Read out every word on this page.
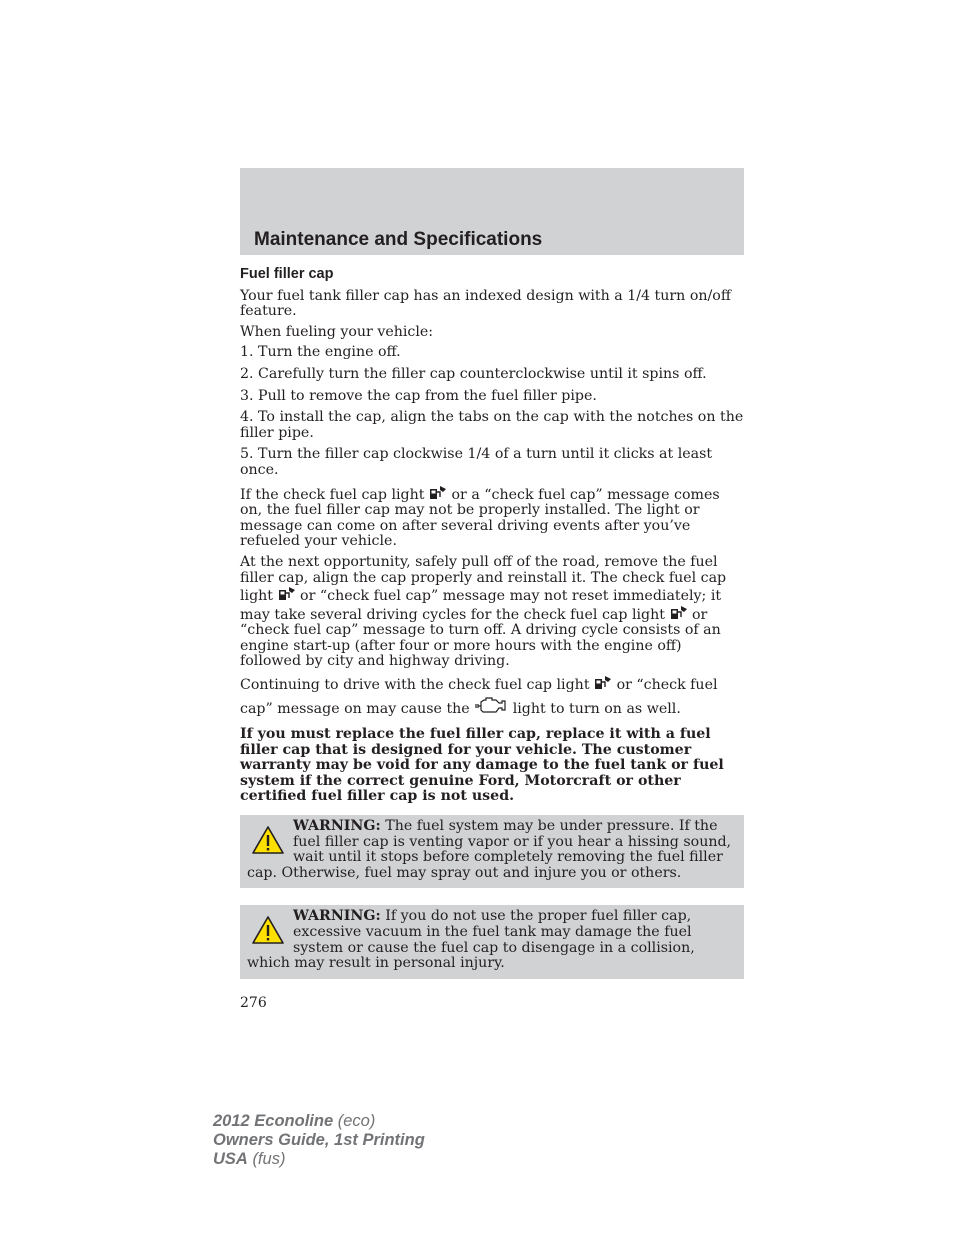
Maintenance and Specifications
Fuel filler cap

Your fuel tank filler cap has an indexed design with a 1/4 turn on/off feature.

When fueling your vehicle:

1. Turn the engine off.

2. Carefully turn the filler cap counterclockwise until it spins off.

3. Pull to remove the cap from the fuel filler pipe.

4. To install the cap, align the tabs on the cap with the notches on the filler pipe.

5. Turn the filler cap clockwise 1/4 of a turn until it clicks at least once.

If the check fuel cap light or a “check fuel cap” message comes on, the fuel filler cap may not be properly installed. The light or message can come on after several driving events after you’ve refueled your vehicle.

At the next opportunity, safely pull off of the road, remove the fuel filler cap, align the cap properly and reinstall it. The check fuel cap light or “check fuel cap” message may not reset immediately; it may take several driving cycles for the check fuel cap light or “check fuel cap” message to turn off. A driving cycle consists of an engine start-up (after four or more hours with the engine off) followed by city and highway driving.

Continuing to drive with the check fuel cap light or “check fuel cap” message on may cause the	light to turn on as well.

If you must replace the fuel filler cap, replace it with a fuel filler cap that is designed for your vehicle. The customer warranty may be void for any damage to the fuel tank or fuel system if the correct genuine Ford, Motorcraft or other certified fuel filler cap is not used.

WARNING: The fuel system may be under pressure. If the fuel filler cap is venting vapor or if you hear a hissing sound, wait until it stops before completely removing the fuel filler cap. Otherwise, fuel may spray out and injure you or others.
WARNING: If you do not use the proper fuel filler cap, excessive vacuum in the fuel tank may damage the fuel system or cause the fuel cap to disengage in a collision, which may result in personal injury.
276
2012 Econoline (eco)
Owners Guide, 1st Printing
USA (fus)
